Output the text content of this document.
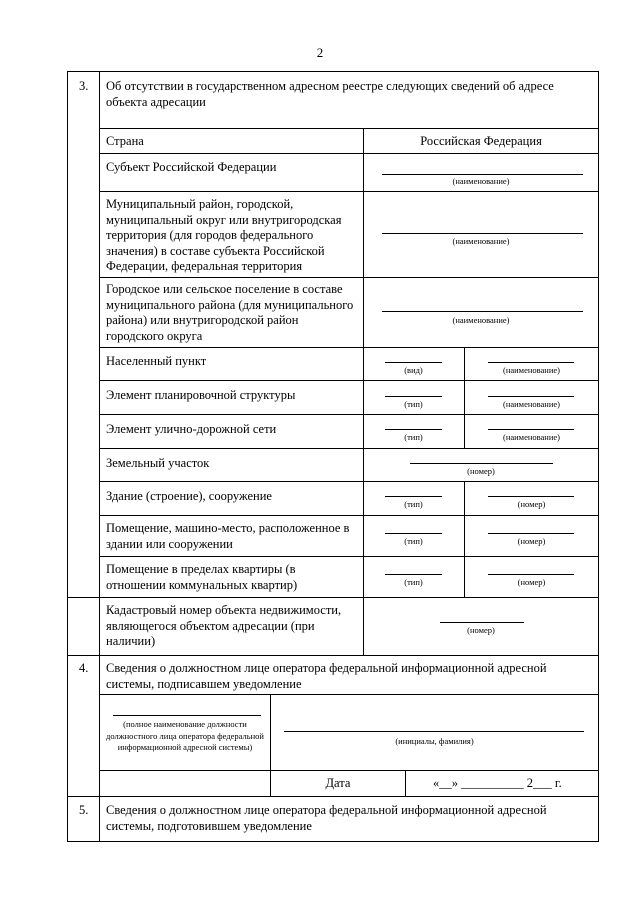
2
3. Об отсутствии в государственном адресном реестре следующих сведений об адресе объекта адресации
Страна	Российская Федерация
Субъект Российской Федерации
(наименование)
Муниципальный район, городской, муниципальный округ или внутригородская территория (для городов федерального значения) в составе субъекта Российской Федерации, федеральная территория
(наименование)
Городское или сельское поселение в составе муниципального района (для муниципального района) или внутригородской район городского округа
(наименование)
Населенный пункт
(вид)	(наименование)
Элемент планировочной структуры
(тип)	(наименование)
Элемент улично-дорожной сети
(тип)	(наименование)
Земельный участок
(номер)
Здание (строение), сооружение
(тип)	(номер)
Помещение, машино-место, расположенное в здании или сооружении	(тип)	(номер)
Помещение в пределах квартиры (в отношении коммунальных квартир)	(тип)	(номер)
Кадастровый номер объекта недвижимости, являющегося объектом адресации (при наличии)
(номер)
4. Сведения о должностном лице оператора федеральной информационной адресной системы, подписавшем уведомление
(полное наименование должности должностного лица оператора федеральной информационной адресной системы)
(инициалы, фамилия)
Дата	«__» __________ 2___ г.
5. Сведения о должностном лице оператора федеральной информационной адресной системы, подготовившем уведомление
